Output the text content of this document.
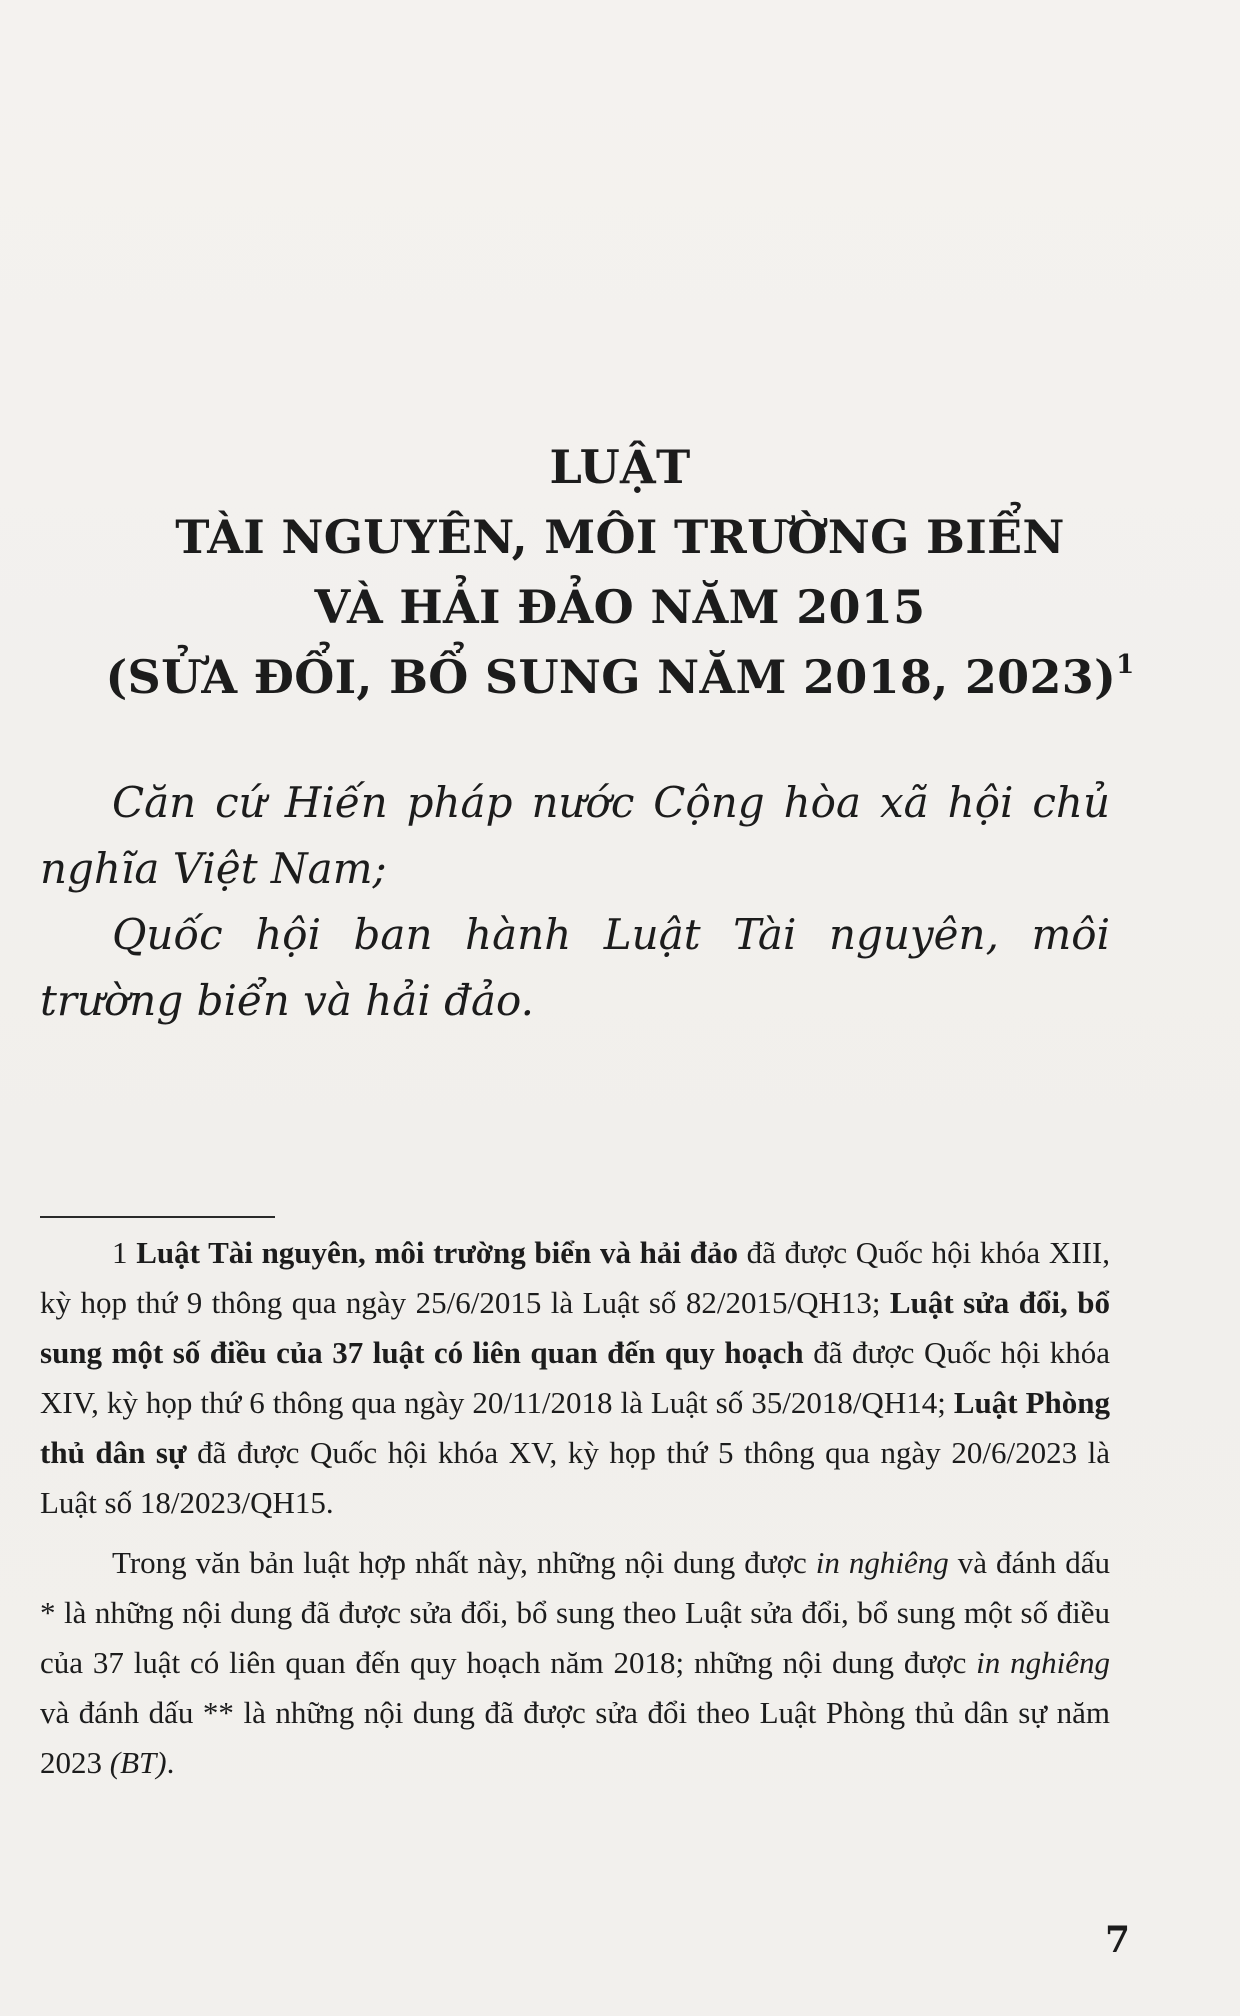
LUẬT
TÀI NGUYÊN, MÔI TRƯỜNG BIỂN
VÀ HẢI ĐẢO NĂM 2015
(SỬA ĐỔI, BỔ SUNG NĂM 2018, 2023)$^1$

Căn cứ Hiến pháp nước Cộng hòa xã hội chủ nghĩa Việt Nam;

Quốc hội ban hành Luật Tài nguyên, môi trường biển và hải đảo.

1 Luật Tài nguyên, môi trường biển và hải đảo đã được Quốc hội khóa XIII, kỳ họp thứ 9 thông qua ngày 25/6/2015 là Luật số 82/2015/QH13; Luật sửa đổi, bổ sung một số điều của 37 luật có liên quan đến quy hoạch đã được Quốc hội khóa XIV, kỳ họp thứ 6 thông qua ngày 20/11/2018 là Luật số 35/2018/QH14; Luật Phòng thủ dân sự đã được Quốc hội khóa XV, kỳ họp thứ 5 thông qua ngày 20/6/2023 là Luật số 18/2023/QH15.

Trong văn bản luật hợp nhất này, những nội dung được in nghiêng và đánh dấu * là những nội dung đã được sửa đổi, bổ sung theo Luật sửa đổi, bổ sung một số điều của 37 luật có liên quan đến quy hoạch năm 2018; những nội dung được in nghiêng và đánh dấu ** là những nội dung đã được sửa đổi theo Luật Phòng thủ dân sự năm 2023 (BT).

7
